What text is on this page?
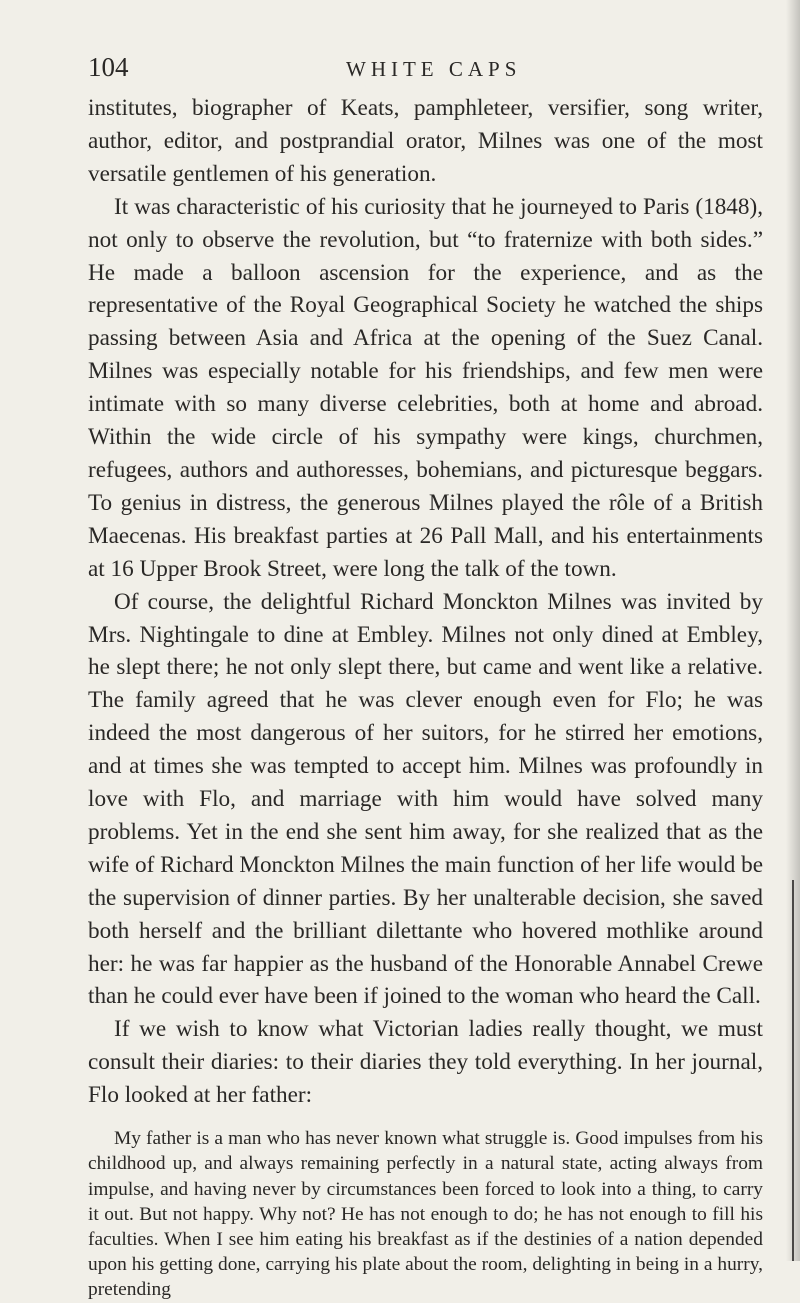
104	WHITE CAPS

institutes, biographer of Keats, pamphleteer, versifier, song writer, author, editor, and postprandial orator, Milnes was one of the most versatile gentlemen of his generation.

It was characteristic of his curiosity that he journeyed to Paris (1848), not only to observe the revolution, but “to fraternize with both sides.” He made a balloon ascension for the experience, and as the representative of the Royal Geographical Society he watched the ships passing between Asia and Africa at the opening of the Suez Canal. Milnes was especially notable for his friendships, and few men were intimate with so many diverse celebrities, both at home and abroad. Within the wide circle of his sympathy were kings, churchmen, refugees, authors and authoresses, bohemians, and picturesque beggars. To genius in distress, the generous Milnes played the rôle of a British Maecenas. His breakfast parties at 26 Pall Mall, and his entertainments at 16 Upper Brook Street, were long the talk of the town.

Of course, the delightful Richard Monckton Milnes was invited by Mrs. Nightingale to dine at Embley. Milnes not only dined at Embley, he slept there; he not only slept there, but came and went like a relative. The family agreed that he was clever enough even for Flo; he was indeed the most dangerous of her suitors, for he stirred her emotions, and at times she was tempted to accept him. Milnes was profoundly in love with Flo, and marriage with him would have solved many problems. Yet in the end she sent him away, for she realized that as the wife of Richard Monckton Milnes the main function of her life would be the supervision of dinner parties. By her unalterable decision, she saved both herself and the brilliant dilettante who hovered mothlike around her: he was far happier as the husband of the Honorable Annabel Crewe than he could ever have been if joined to the woman who heard the Call.

If we wish to know what Victorian ladies really thought, we must consult their diaries: to their diaries they told everything. In her journal, Flo looked at her father:

My father is a man who has never known what struggle is. Good impulses from his childhood up, and always remaining perfectly in a natural state, acting always from impulse, and having never by circumstances been forced to look into a thing, to carry it out. But not happy. Why not? He has not enough to do; he has not enough to fill his faculties. When I see him eating his breakfast as if the destinies of a nation depended upon his getting done, carrying his plate about the room, delighting in being in a hurry, pretending
